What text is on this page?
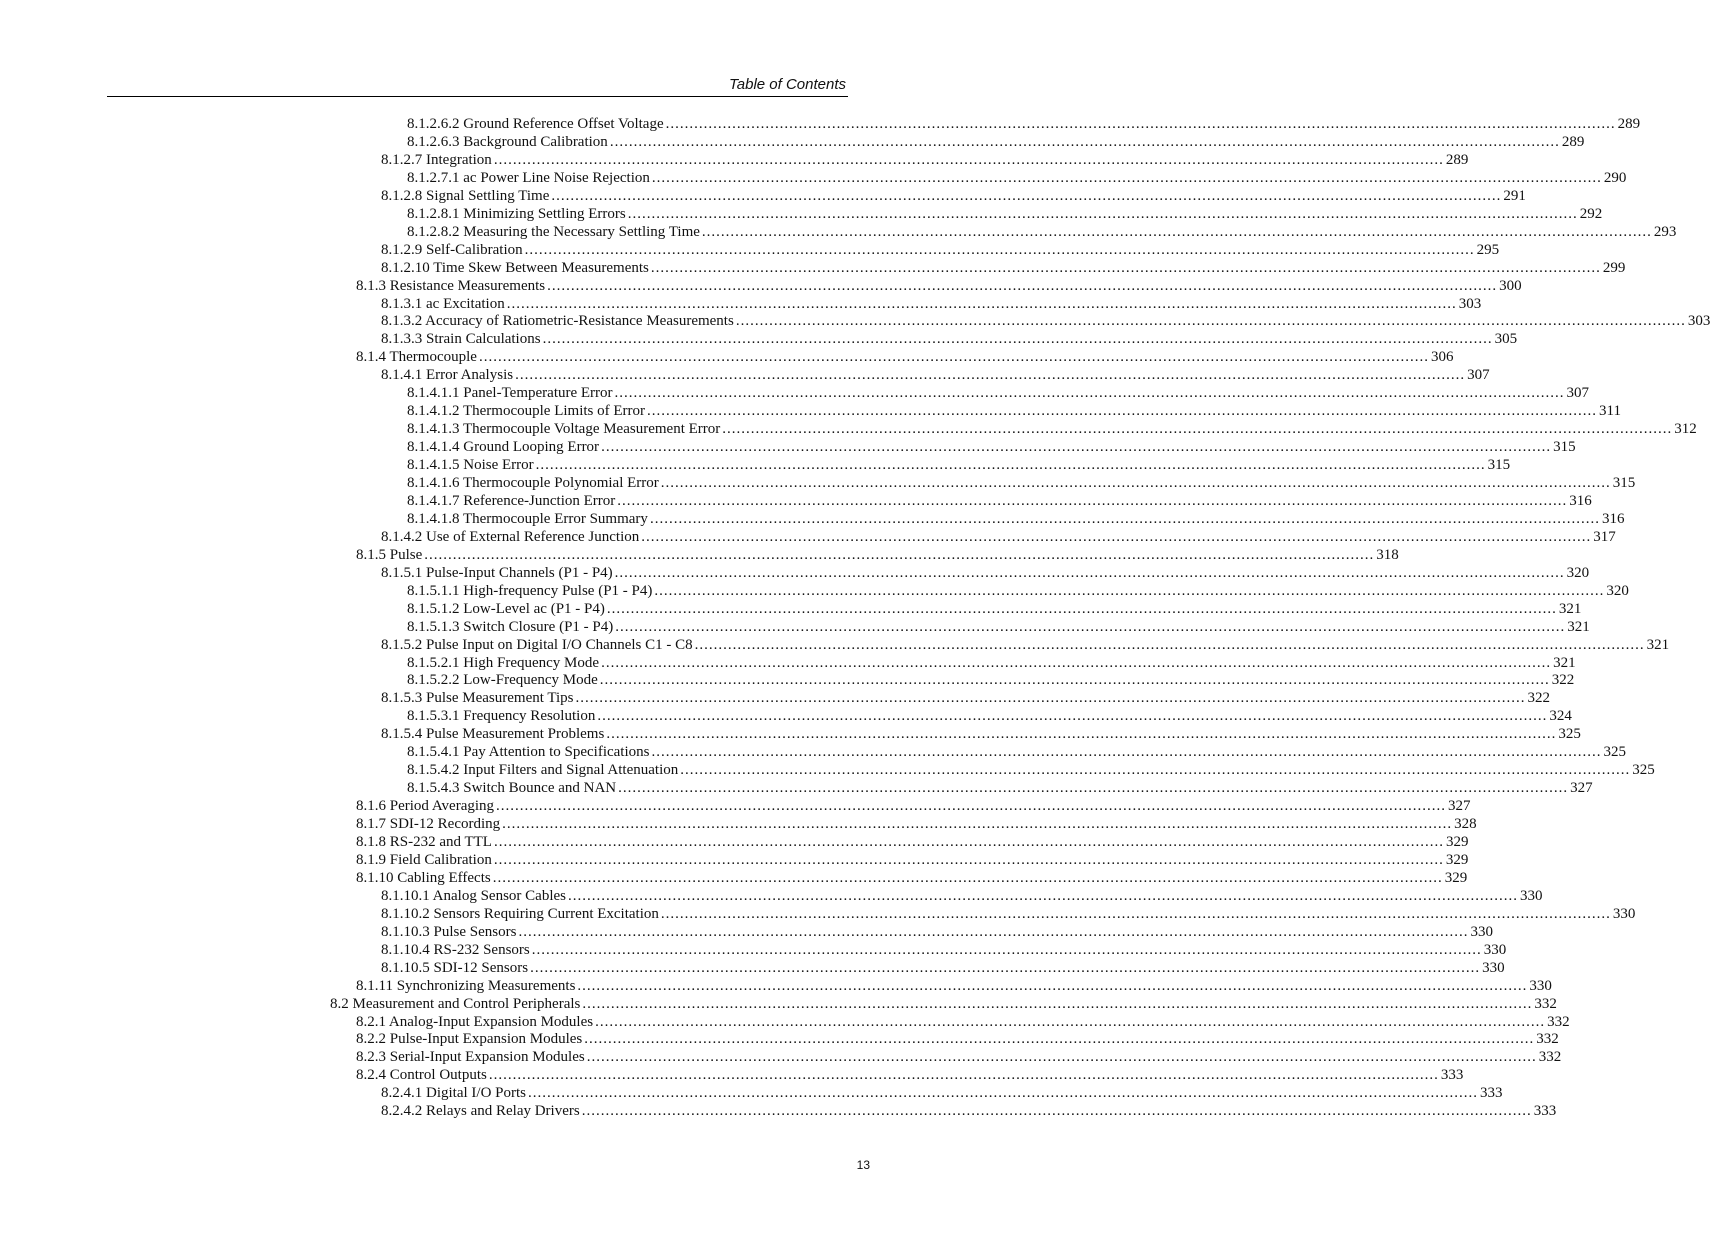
Table of Contents
8.1.2.6.2 Ground Reference Offset Voltage ........................................................................................................................................................................................................ 289
8.1.2.6.3 Background Calibration ........................................................................................................................................................................................................ 289
8.1.2.7 Integration ........................................................................................................................................................................................................ 289
8.1.2.7.1 ac Power Line Noise Rejection ........................................................................................................................................................................................................ 290
8.1.2.8 Signal Settling Time ........................................................................................................................................................................................................ 291
8.1.2.8.1 Minimizing Settling Errors ........................................................................................................................................................................................................ 292
8.1.2.8.2 Measuring the Necessary Settling Time ........................................................................................................................................................................................................ 293
8.1.2.9 Self-Calibration ........................................................................................................................................................................................................ 295
8.1.2.10 Time Skew Between Measurements ........................................................................................................................................................................................................ 299
8.1.3 Resistance Measurements ........................................................................................................................................................................................................ 300
8.1.3.1 ac Excitation ........................................................................................................................................................................................................ 303
8.1.3.2 Accuracy of Ratiometric-Resistance Measurements ........................................................................................................................................................................................................ 303
8.1.3.3 Strain Calculations ........................................................................................................................................................................................................ 305
8.1.4 Thermocouple ........................................................................................................................................................................................................ 306
8.1.4.1 Error Analysis ........................................................................................................................................................................................................ 307
8.1.4.1.1 Panel-Temperature Error ........................................................................................................................................................................................................ 307
8.1.4.1.2 Thermocouple Limits of Error ........................................................................................................................................................................................................ 311
8.1.4.1.3 Thermocouple Voltage Measurement Error ........................................................................................................................................................................................................ 312
8.1.4.1.4 Ground Looping Error ........................................................................................................................................................................................................ 315
8.1.4.1.5 Noise Error ........................................................................................................................................................................................................ 315
8.1.4.1.6 Thermocouple Polynomial Error ........................................................................................................................................................................................................ 315
8.1.4.1.7 Reference-Junction Error ........................................................................................................................................................................................................ 316
8.1.4.1.8 Thermocouple Error Summary ........................................................................................................................................................................................................ 316
8.1.4.2 Use of External Reference Junction ........................................................................................................................................................................................................ 317
8.1.5 Pulse ........................................................................................................................................................................................................ 318
8.1.5.1 Pulse-Input Channels (P1 - P4) ........................................................................................................................................................................................................ 320
8.1.5.1.1 High-frequency Pulse (P1 - P4) ........................................................................................................................................................................................................ 320
8.1.5.1.2 Low-Level ac (P1 - P4) ........................................................................................................................................................................................................ 321
8.1.5.1.3 Switch Closure (P1 - P4) ........................................................................................................................................................................................................ 321
8.1.5.2 Pulse Input on Digital I/O Channels C1 - C8 ........................................................................................................................................................................................................ 321
8.1.5.2.1 High Frequency Mode ........................................................................................................................................................................................................ 321
8.1.5.2.2 Low-Frequency Mode ........................................................................................................................................................................................................ 322
8.1.5.3 Pulse Measurement Tips ........................................................................................................................................................................................................ 322
8.1.5.3.1 Frequency Resolution ........................................................................................................................................................................................................ 324
8.1.5.4 Pulse Measurement Problems ........................................................................................................................................................................................................ 325
8.1.5.4.1 Pay Attention to Specifications ........................................................................................................................................................................................................ 325
8.1.5.4.2 Input Filters and Signal Attenuation ........................................................................................................................................................................................................ 325
8.1.5.4.3 Switch Bounce and NAN ........................................................................................................................................................................................................ 327
8.1.6 Period Averaging ........................................................................................................................................................................................................ 327
8.1.7 SDI-12 Recording ........................................................................................................................................................................................................ 328
8.1.8 RS-232 and TTL ........................................................................................................................................................................................................ 329
8.1.9 Field Calibration ........................................................................................................................................................................................................ 329
8.1.10 Cabling Effects ........................................................................................................................................................................................................ 329
8.1.10.1 Analog Sensor Cables ........................................................................................................................................................................................................ 330
8.1.10.2 Sensors Requiring Current Excitation ........................................................................................................................................................................................................ 330
8.1.10.3 Pulse Sensors ........................................................................................................................................................................................................ 330
8.1.10.4 RS-232 Sensors ........................................................................................................................................................................................................ 330
8.1.10.5 SDI-12 Sensors ........................................................................................................................................................................................................ 330
8.1.11 Synchronizing Measurements ........................................................................................................................................................................................................ 330
8.2 Measurement and Control Peripherals ........................................................................................................................................................................................................ 332
8.2.1 Analog-Input Expansion Modules ........................................................................................................................................................................................................ 332
8.2.2 Pulse-Input Expansion Modules ........................................................................................................................................................................................................ 332
8.2.3 Serial-Input Expansion Modules ........................................................................................................................................................................................................ 332
8.2.4 Control Outputs ........................................................................................................................................................................................................ 333
8.2.4.1 Digital I/O Ports ........................................................................................................................................................................................................ 333
8.2.4.2 Relays and Relay Drivers ........................................................................................................................................................................................................ 333
13
